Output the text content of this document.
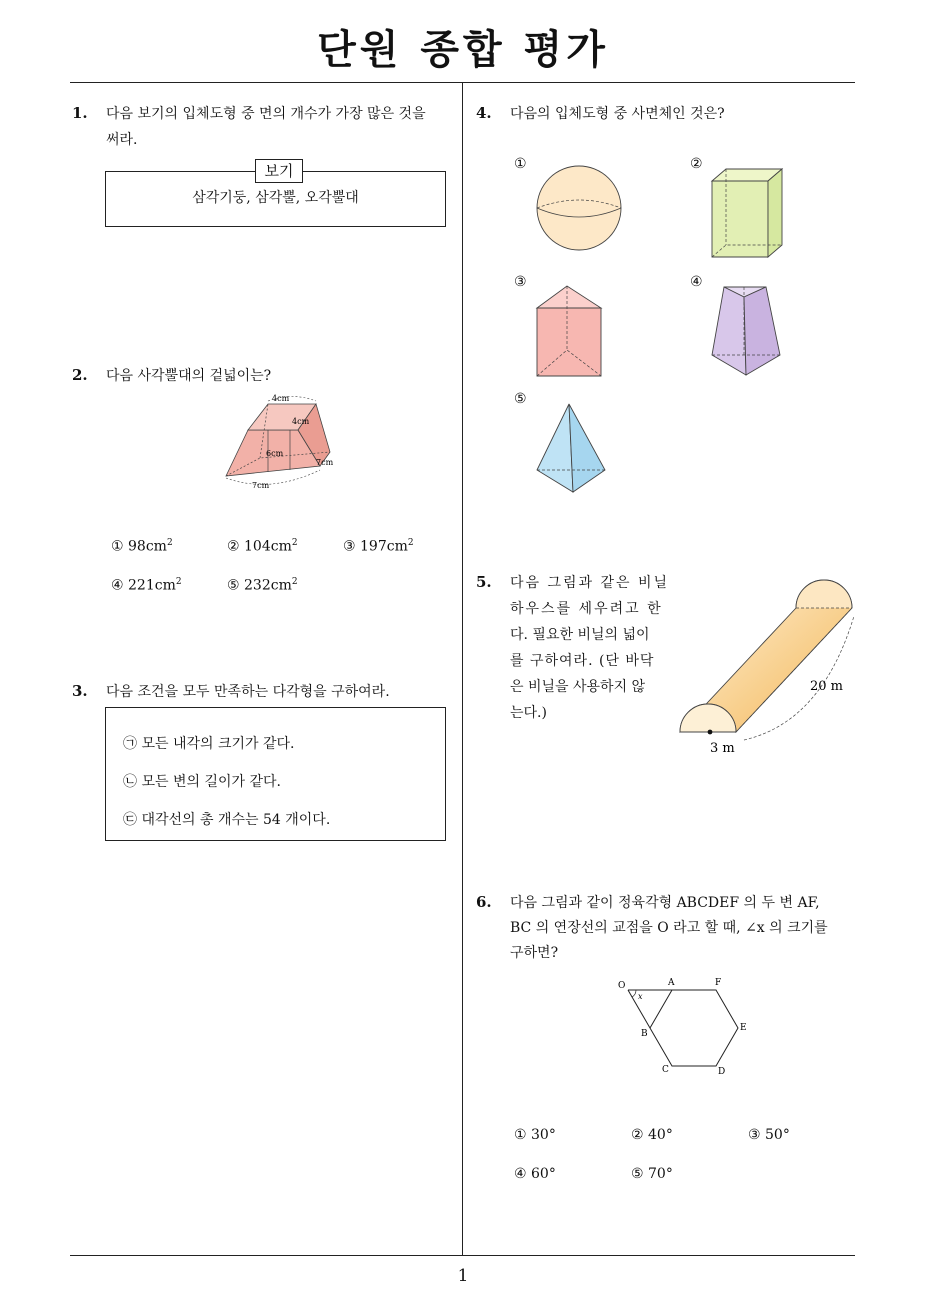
단원 종합 평가
1
1. 다음 보기의 입체도형 중 면의 개수가 가장 많은 것을
써라.
보기
삼각기둥, 삼각뿔, 오각뿔대
2. 다음 사각뿔대의 겉넓이는?
4cm
4cm
6cm
7cm
7cm
① $98cm^2$	② $104cm^2$	③ $197cm^2$
④ $221cm^2$	⑤ $232cm^2$
3. 다음 조건을 모두 만족하는 다각형을 구하여라.
㉠ 모든 내각의 크기가 같다.
㉡ 모든 변의 길이가 같다.
㉢ 대각선의 총 개수는 54 개이다.
4. 다음의 입체도형 중 사면체인 것은?
①	②
③	④
⑤
5. 다음 그림과 같은 비닐
하우스를 세우려고 한
다. 필요한 비닐의 넓이
를 구하여라. (단 바닥
은 비닐을 사용하지 않
는다.)
20 m
3 m
6. 다음 그림과 같이 정육각형 ABCDEF 의 두 변 AF,
BC 의 연장선의 교점을 O 라고 할 때, ∠x 의 크기를
구하면?
O
x
A	F
B
E
C	D
① 30°	② 40°	③ 50°
④ 60°	⑤ 70°
